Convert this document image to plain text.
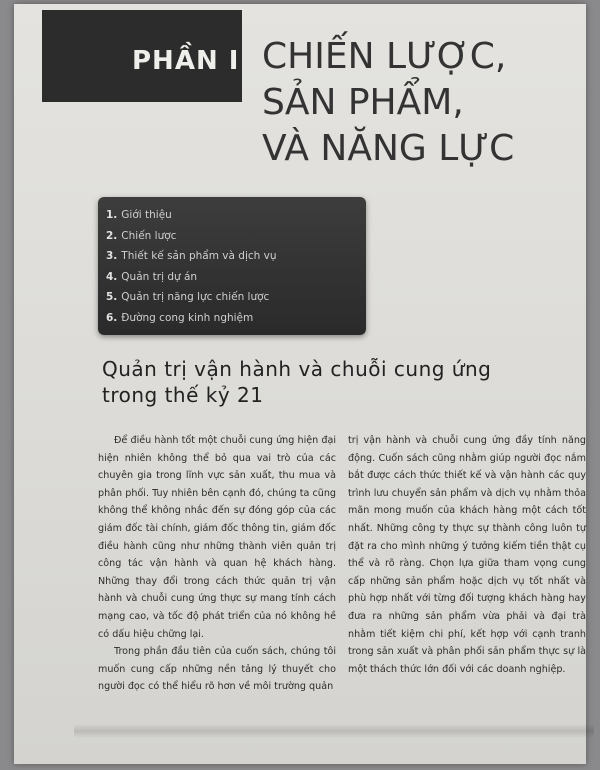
PHẦN I CHIẾN LƯỢC,
SẢN PHẨM,
VÀ NĂNG LỰC
1. Giới thiệu
2. Chiến lược
3. Thiết kế sản phẩm và dịch vụ
4. Quản trị dự án
5. Quản trị năng lực chiến lược
6. Đường cong kinh nghiệm
Quản trị vận hành và chuỗi cung ứng
trong thế kỷ 21

Để điều hành tốt một chuỗi cung ứng hiện đại hiện nhiên không thể bỏ qua vai trò của các chuyên gia trong lĩnh vực sản xuất, thu mua và phân phối. Tuy nhiên bên cạnh đó, chúng ta cũng không thể không nhắc đến sự đóng góp của các giám đốc tài chính, giám đốc thông tin, giám đốc điều hành cũng như những thành viên quản trị công tác vận hành và quan hệ khách hàng. Những thay đổi trong cách thức quản trị vận hành và chuỗi cung ứng thực sự mang tính cách mạng cao, và tốc độ phát triển của nó không hề có dấu hiệu chững lại.

Trong phần đầu tiên của cuốn sách, chúng tôi muốn cung cấp những nền tảng lý thuyết cho người đọc có thể hiểu rõ hơn về môi trường quản

trị vận hành và chuỗi cung ứng đầy tính năng động. Cuốn sách cũng nhằm giúp người đọc nắm bắt được cách thức thiết kế và vận hành các quy trình lưu chuyển sản phẩm và dịch vụ nhằm thỏa mãn mong muốn của khách hàng một cách tốt nhất. Những công ty thực sự thành công luôn tự đặt ra cho mình những ý tưởng kiếm tiền thật cụ thể và rõ ràng. Chọn lựa giữa tham vọng cung cấp những sản phẩm hoặc dịch vụ tốt nhất và phù hợp nhất với từng đối tượng khách hàng hay đưa ra những sản phẩm vừa phải và đại trà nhằm tiết kiệm chi phí, kết hợp với cạnh tranh trong sản xuất và phân phối sản phẩm thực sự là một thách thức lớn đối với các doanh nghiệp.
